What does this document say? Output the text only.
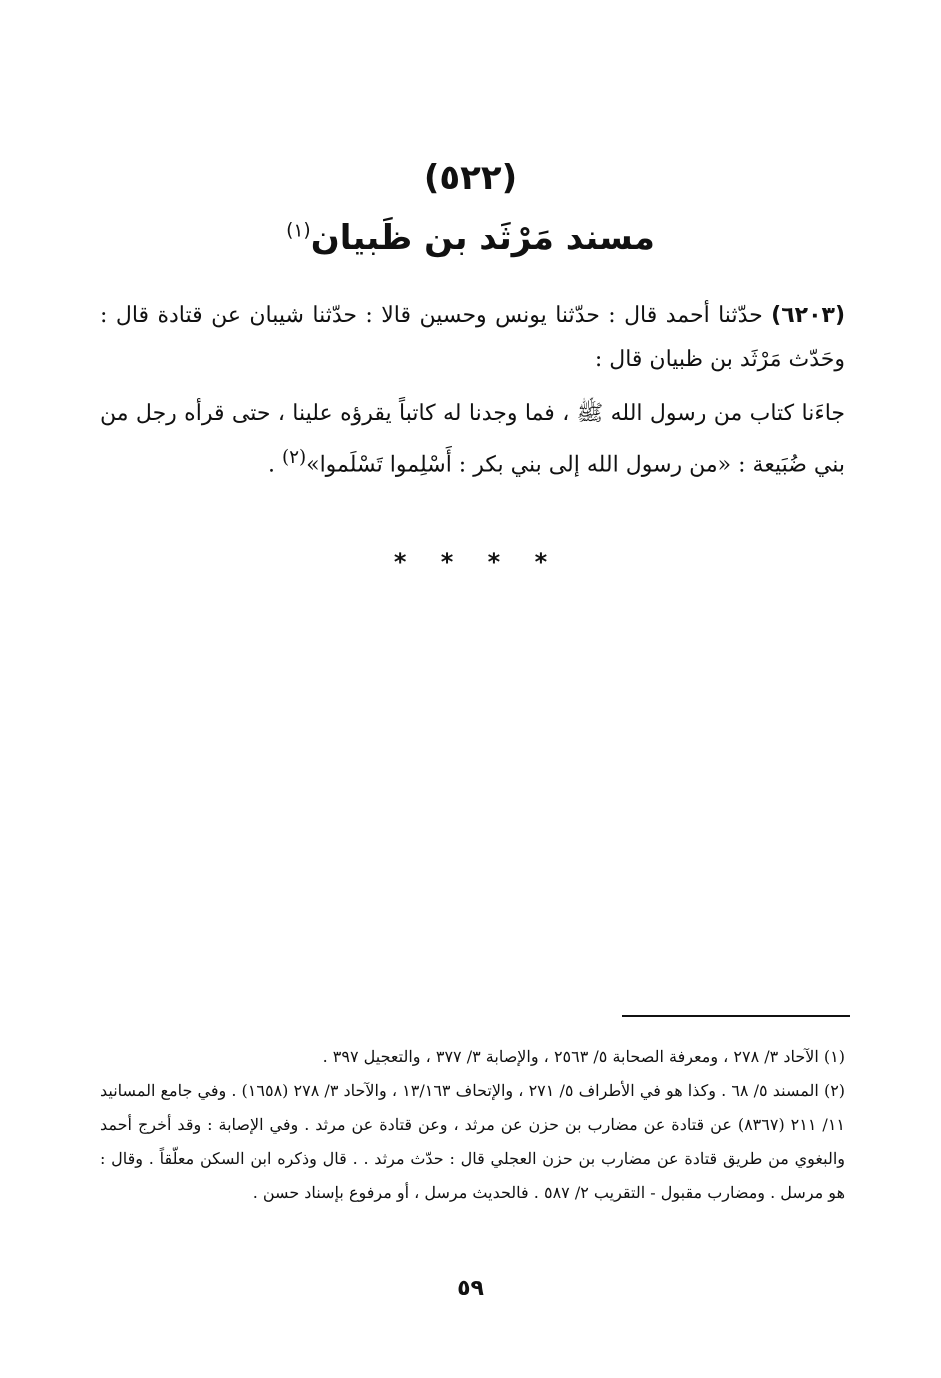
(٥٢٢)
مسند مَرْثَد بن ظَبيان$^{(١)}$
(٦٢٠٣) حدّثنا أحمد قال : حدّثنا يونس وحسين قالا : حدّثنا شيبان عن قتادة قال : وحَدّث مَرْثَد بن ظبيان قال :
جاءَنا كتاب من رسول الله ﷺ ، فما وجدنا له كاتباً يقرؤه علينا ، حتى قرأه رجل من بني ضُبَيعة : «من رسول الله إلى بني بكر : أَسْلِموا تَسْلَموا»$^{(٢)}$ .
* * * *
(١) الآحاد ٣/ ٢٧٨ ، ومعرفة الصحابة ٥/ ٢٥٦٣ ، والإصابة ٣/ ٣٧٧ ، والتعجيل ٣٩٧ .
(٢) المسند ٥/ ٦٨ . وكذا هو في الأطراف ٥/ ٢٧١ ، والإتحاف ١٣/١٦٣ ، والآحاد ٣/ ٢٧٨ (١٦٥٨) . وفي جامع المسانيد ١١/ ٢١١ (٨٣٦٧) عن قتادة عن مضارب بن حزن عن مرثد ، وعن قتادة عن مرثد . وفي الإصابة : وقد أخرج أحمد والبغوي من طريق قتادة عن مضارب بن حزن العجلي قال : حدّث مرثد . . قال وذكره ابن السكن معلّقاً . وقال : هو مرسل . ومضارب مقبول - التقريب ٢/ ٥٨٧ . فالحديث مرسل ، أو مرفوع بإسناد حسن .
٥٩
